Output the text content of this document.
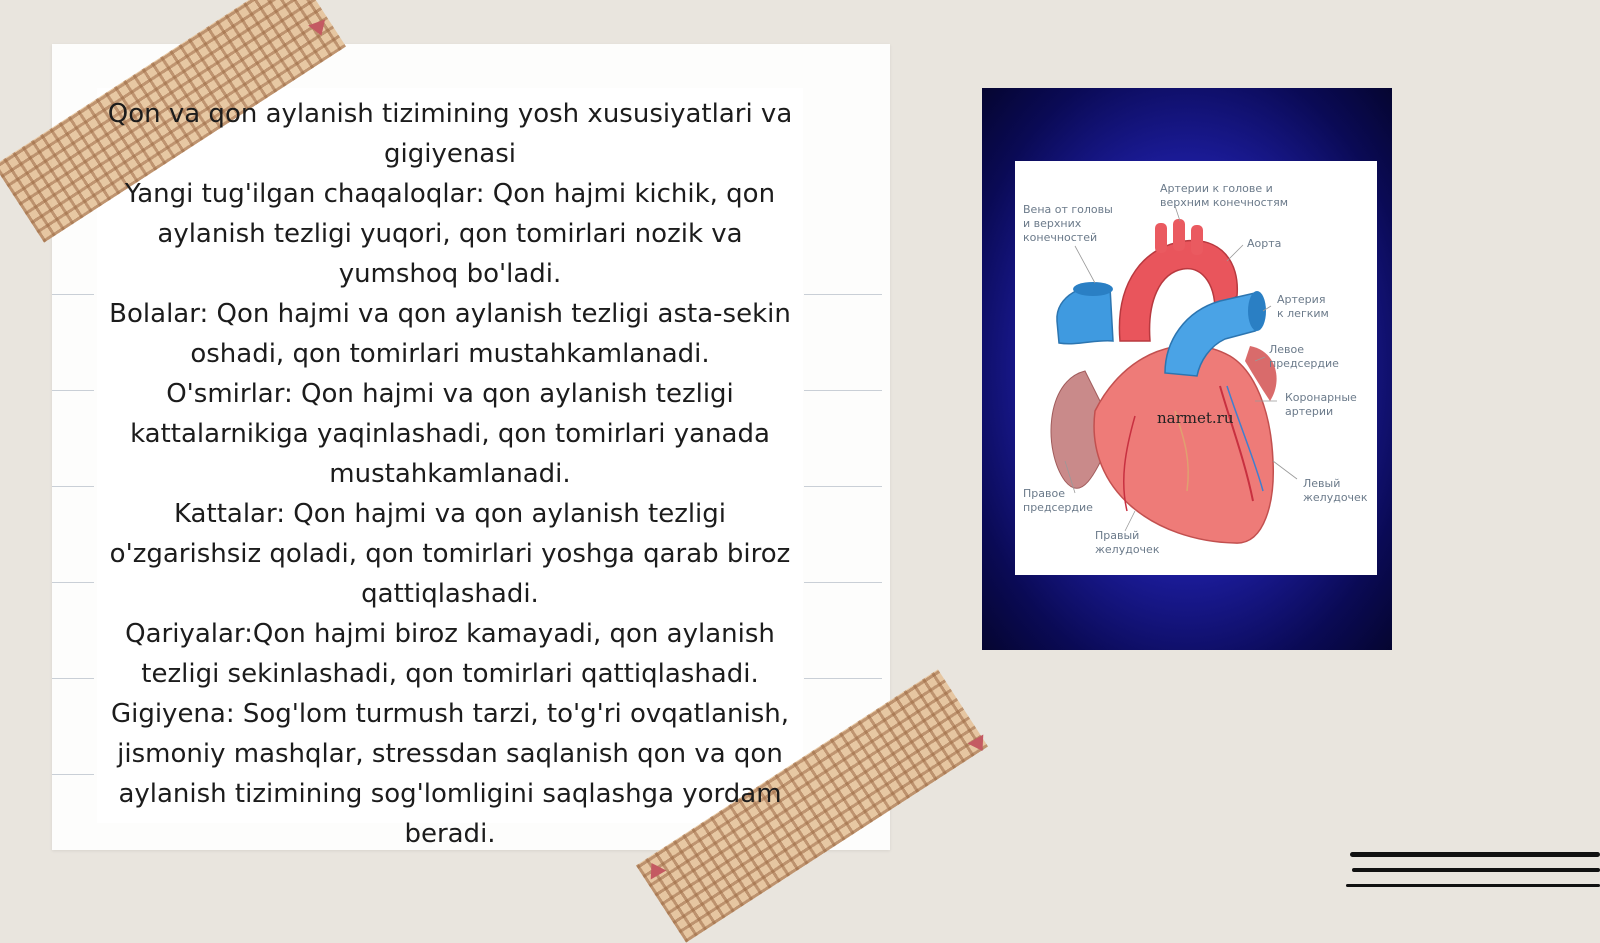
Qon va qon aylanish tizimining yosh xususiyatlari va gigiyenasi

Yangi tug'ilgan chaqaloqlar: Qon hajmi kichik, qon aylanish tezligi yuqori, qon tomirlari nozik va yumshoq bo'ladi.

Bolalar: Qon hajmi va qon aylanish tezligi asta-sekin oshadi, qon tomirlari mustahkamlanadi.

O'smirlar: Qon hajmi va qon aylanish tezligi kattalarnikiga yaqinlashadi, qon tomirlari yanada mustahkamlanadi.

Kattalar: Qon hajmi va qon aylanish tezligi o'zgarishsiz qoladi, qon tomirlari yoshga qarab biroz qattiqlashadi.

Qariyalar:Qon hajmi biroz kamayadi, qon aylanish tezligi sekinlashadi, qon tomirlari qattiqlashadi.

Gigiyena: Sog'lom turmush tarzi, to'g'ri ovqatlanish, jismoniy mashqlar, stressdan saqlanish qon va qon aylanish tizimining sog'lomligini saqlashga yordam beradi.

Вена от головы
и верхних
конечностей
Артерии к голове и
верхним конечностям
Аорта
Артерия
к легким
Левое
предсердие
Коронарные
артерии
Левый
желудочек
Правое
предсердие
Правый
желудочек
narmet.ru
